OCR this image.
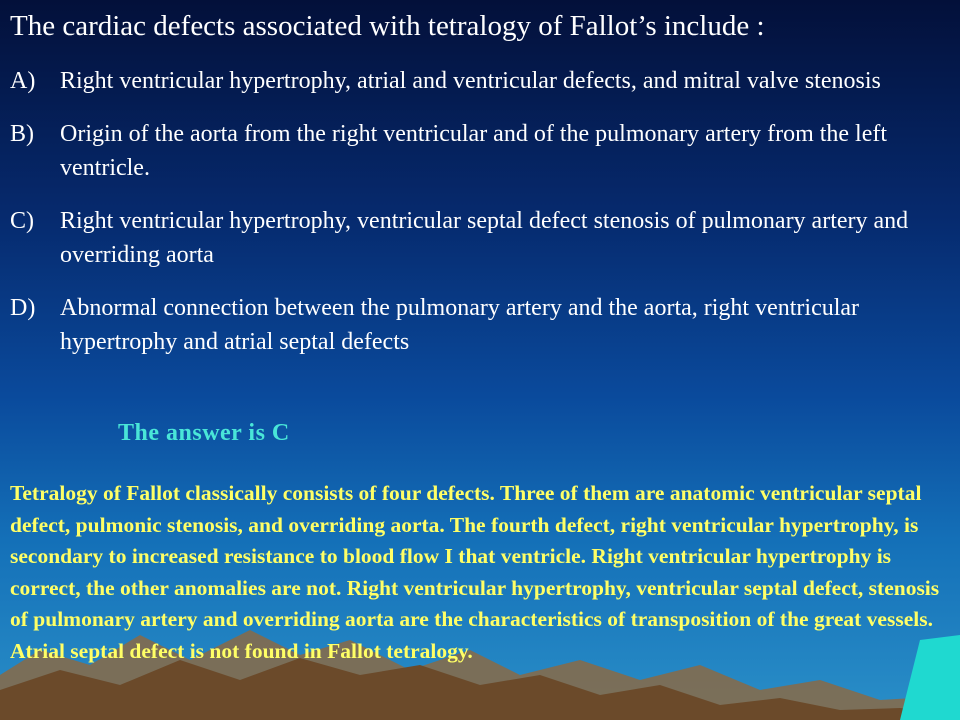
The cardiac defects associated with tetralogy of Fallot’s include :
A) Right ventricular hypertrophy, atrial and ventricular defects, and mitral valve stenosis
B) Origin of the aorta from the right ventricular and of the pulmonary artery from the left ventricle.
C) Right ventricular hypertrophy, ventricular septal defect stenosis of pulmonary artery and overriding aorta
D) Abnormal connection between the pulmonary artery and the aorta, right ventricular hypertrophy and atrial septal defects
The answer is C
Tetralogy of Fallot classically consists of four defects. Three of them are anatomic ventricular septal defect, pulmonic stenosis, and overriding aorta. The fourth defect, right ventricular hypertrophy, is secondary to increased resistance to blood flow I that ventricle. Right ventricular hypertrophy is correct, the other anomalies are not. Right ventricular hypertrophy, ventricular septal defect, stenosis of pulmonary artery and overriding aorta are the characteristics of transposition of the great vessels. Atrial septal defect is not found in Fallot tetralogy.
